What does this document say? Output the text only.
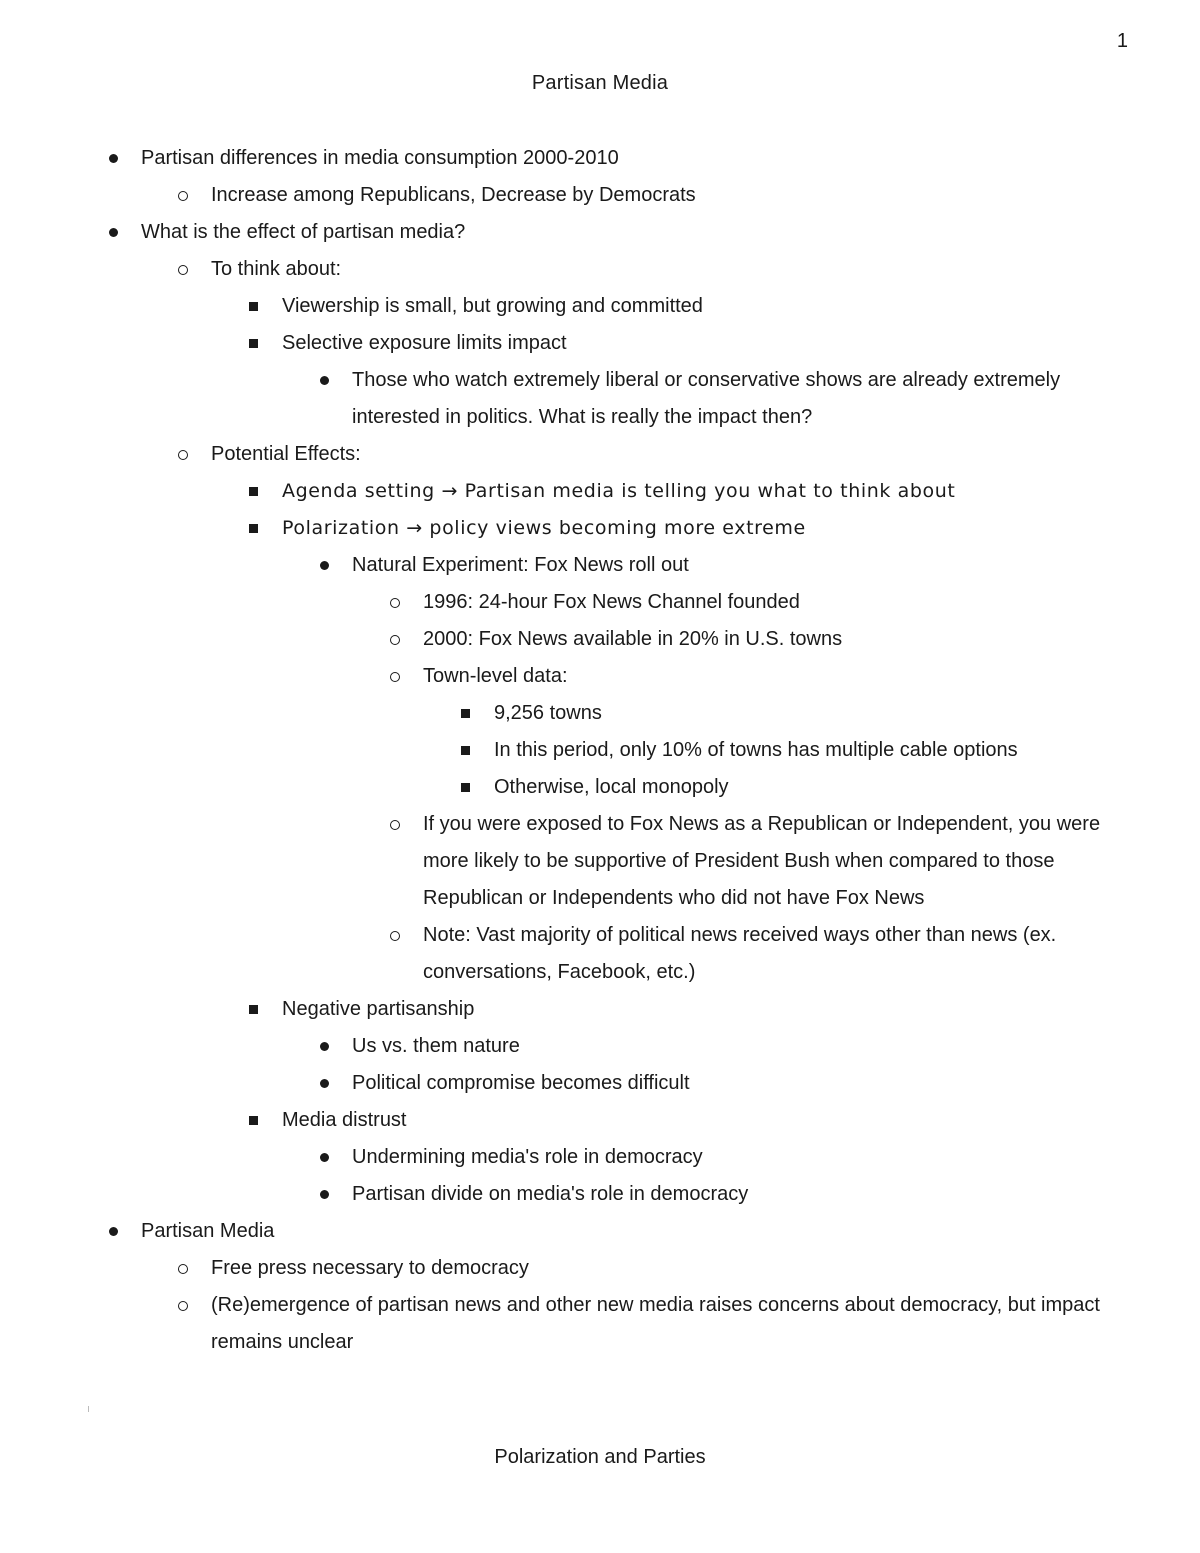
1
Partisan Media
Partisan differences in media consumption 2000-2010
Increase among Republicans, Decrease by Democrats
What is the effect of partisan media?
To think about:
Viewership is small, but growing and committed
Selective exposure limits impact
Those who watch extremely liberal or conservative shows are already extremely interested in politics. What is really the impact then?
Potential Effects:
Agenda setting → Partisan media is telling you what to think about
Polarization → policy views becoming more extreme
Natural Experiment: Fox News roll out
1996: 24-hour Fox News Channel founded
2000: Fox News available in 20% in U.S. towns
Town-level data:
9,256 towns
In this period, only 10% of towns has multiple cable options
Otherwise, local monopoly
If you were exposed to Fox News as a Republican or Independent, you were more likely to be supportive of President Bush when compared to those Republican or Independents who did not have Fox News
Note: Vast majority of political news received ways other than news (ex. conversations, Facebook, etc.)
Negative partisanship
Us vs. them nature
Political compromise becomes difficult
Media distrust
Undermining media's role in democracy
Partisan divide on media's role in democracy
Partisan Media
Free press necessary to democracy
(Re)emergence of partisan news and other new media raises concerns about democracy, but impact remains unclear
Polarization and Parties
